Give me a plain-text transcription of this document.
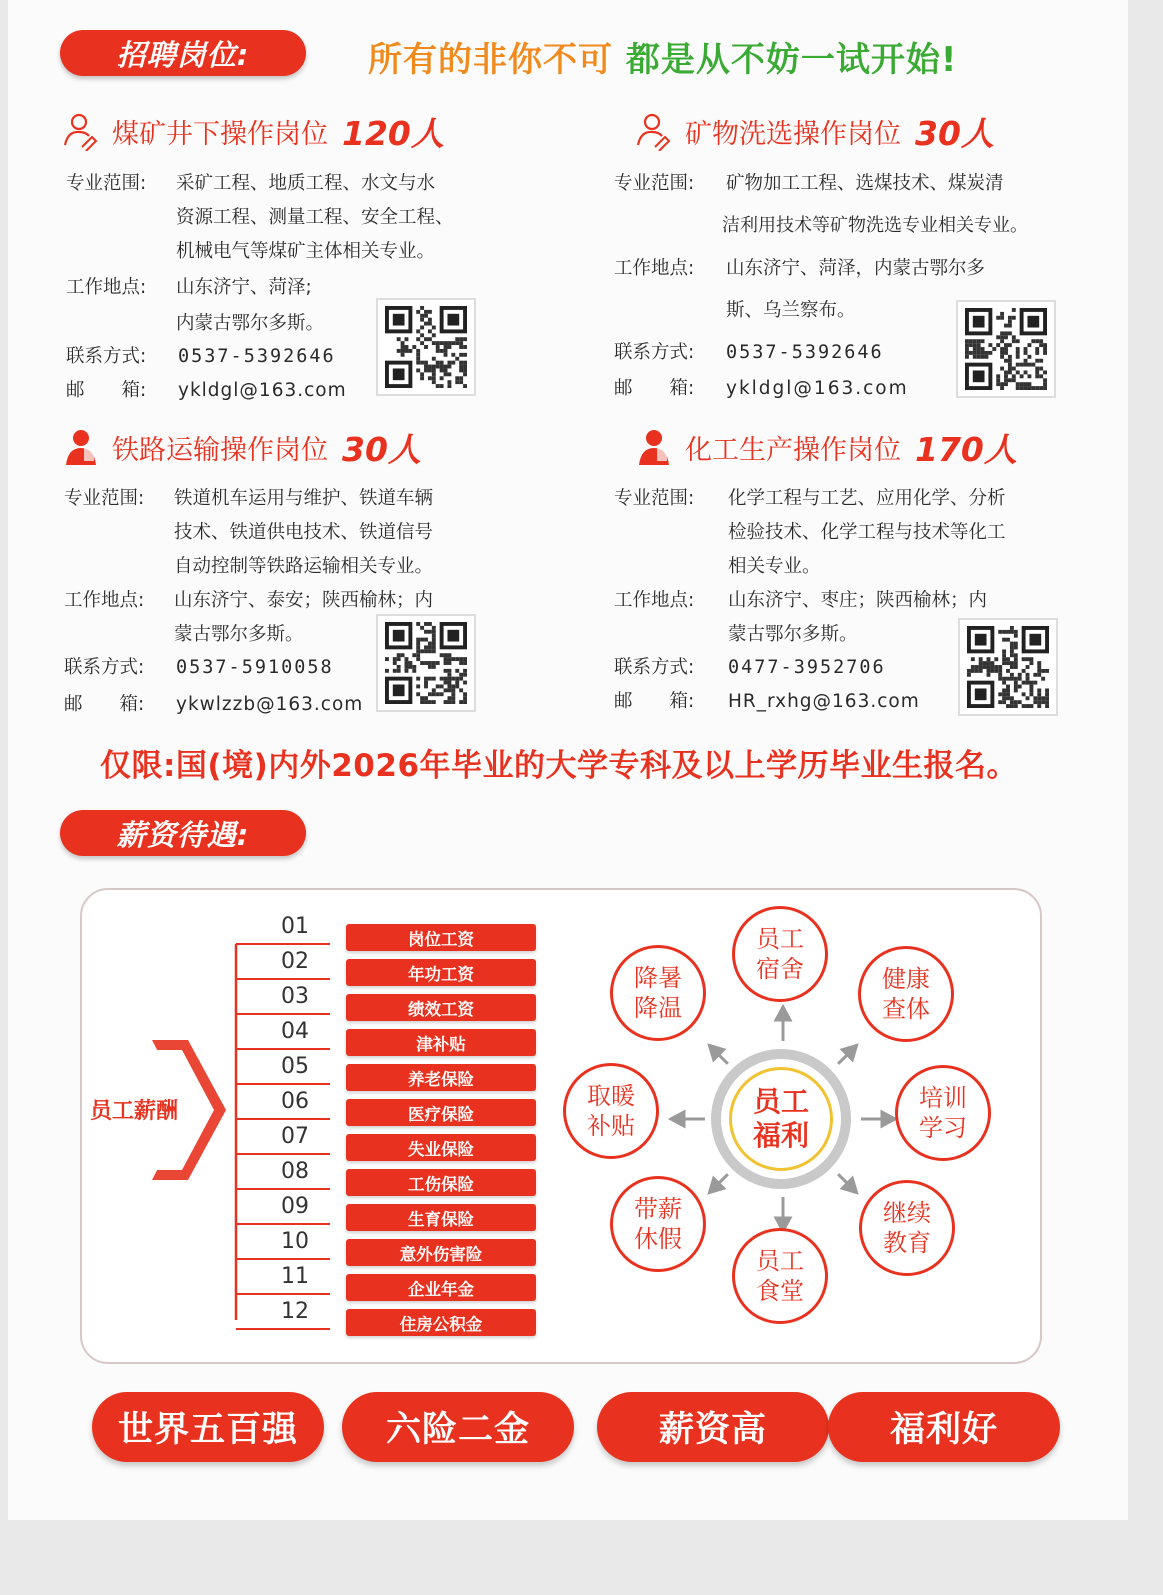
招聘岗位:	所有的非你不可 都是从不妨一试开始!
煤矿井下操作岗位 120人
专业范围: 采矿工程、地质工程、水文与水
资源工程、测量工程、安全工程、
机械电气等煤矿主体相关专业。
工作地点: 山东济宁、菏泽;
内蒙古鄂尔多斯。
联系方式: 0537-5392646
邮　　箱: ykldgl@163.com
矿物洗选操作岗位 30人
专业范围: 矿物加工工程、选煤技术、煤炭清
洁利用技术等矿物洗选专业相关专业。
工作地点: 山东济宁、菏泽，内蒙古鄂尔多
斯、乌兰察布。
联系方式: 0537-5392646
邮　　箱: ykldgl@163.com
铁路运输操作岗位 30人
专业范围: 铁道机车运用与维护、铁道车辆
技术、铁道供电技术、铁道信号
自动控制等铁路运输相关专业。
工作地点: 山东济宁、泰安；陕西榆林；内
蒙古鄂尔多斯。
联系方式: 0537-5910058
邮　　箱: ykwlzzb@163.com
化工生产操作岗位 170人
专业范围: 化学工程与工艺、应用化学、分析
检验技术、化学工程与技术等化工
相关专业。
工作地点: 山东济宁、枣庄；陕西榆林；内
蒙古鄂尔多斯。
联系方式: 0477-3952706
邮　　箱: HR_rxhg@163.com
仅限:国(境)内外2026年毕业的大学专科及以上学历毕业生报名。
薪资待遇:
员工薪酬
01	岗位工资
02	年功工资
03	绩效工资
04	津补贴
05	养老保险
06	医疗保险
07	失业保险
08	工伤保险
09	生育保险
10	意外伤害险
11	企业年金
12	住房公积金
员工福利
员工宿舍	健康查体
培训学习
继续教育
员工食堂
带薪休假
取暖补贴
降暑降温
世界五百强	六险二金	薪资高	福利好
